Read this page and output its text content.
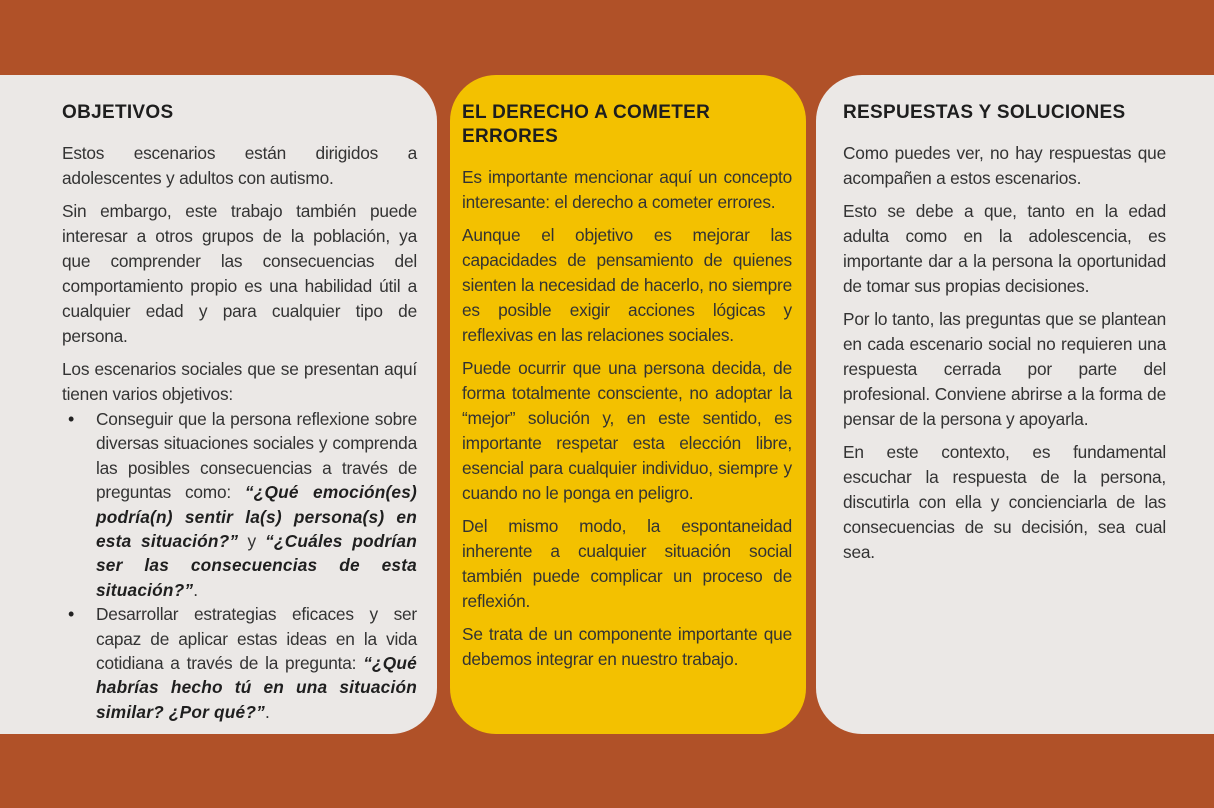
OBJETIVOS

Estos escenarios están dirigidos a adolescentes y adultos con autismo.

Sin embargo, este trabajo también puede interesar a otros grupos de la población, ya que comprender las consecuencias del comportamiento propio es una habilidad útil a cualquier edad y para cualquier tipo de persona.

Los escenarios sociales que se presentan aquí tienen varios objetivos:

• Conseguir que la persona reflexione sobre diversas situaciones sociales y comprenda las posibles consecuencias a través de preguntas como: “¿Qué emoción(es) podría(n) sentir la(s) persona(s) en esta situación?” y “¿Cuáles podrían ser las consecuencias de esta situación?”.
• Desarrollar estrategias eficaces y ser capaz de aplicar estas ideas en la vida cotidiana a través de la pregunta: “¿Qué habrías hecho tú en una situación similar? ¿Por qué?”.
EL DERECHO A COMETER ERRORES

Es importante mencionar aquí un concepto interesante: el derecho a cometer errores.

Aunque el objetivo es mejorar las capacidades de pensamiento de quienes sienten la necesidad de hacerlo, no siempre es posible exigir acciones lógicas y reflexivas en las relaciones sociales.

Puede ocurrir que una persona decida, de forma totalmente consciente, no adoptar la “mejor” solución y, en este sentido, es importante respetar esta elección libre, esencial para cualquier individuo, siempre y cuando no le ponga en peligro.

Del mismo modo, la espontaneidad inherente a cualquier situación social también puede complicar un proceso de reflexión.

Se trata de un componente importante que debemos integrar en nuestro trabajo.

RESPUESTAS Y SOLUCIONES

Como puedes ver, no hay respuestas que acompañen a estos escenarios.

Esto se debe a que, tanto en la edad adulta como en la adolescencia, es importante dar a la persona la oportunidad de tomar sus propias decisiones.

Por lo tanto, las preguntas que se plantean en cada escenario social no requieren una respuesta cerrada por parte del profesional. Conviene abrirse a la forma de pensar de la persona y apoyarla.

En este contexto, es fundamental escuchar la respuesta de la persona, discutirla con ella y concienciarla de las consecuencias de su decisión, sea cual sea.
